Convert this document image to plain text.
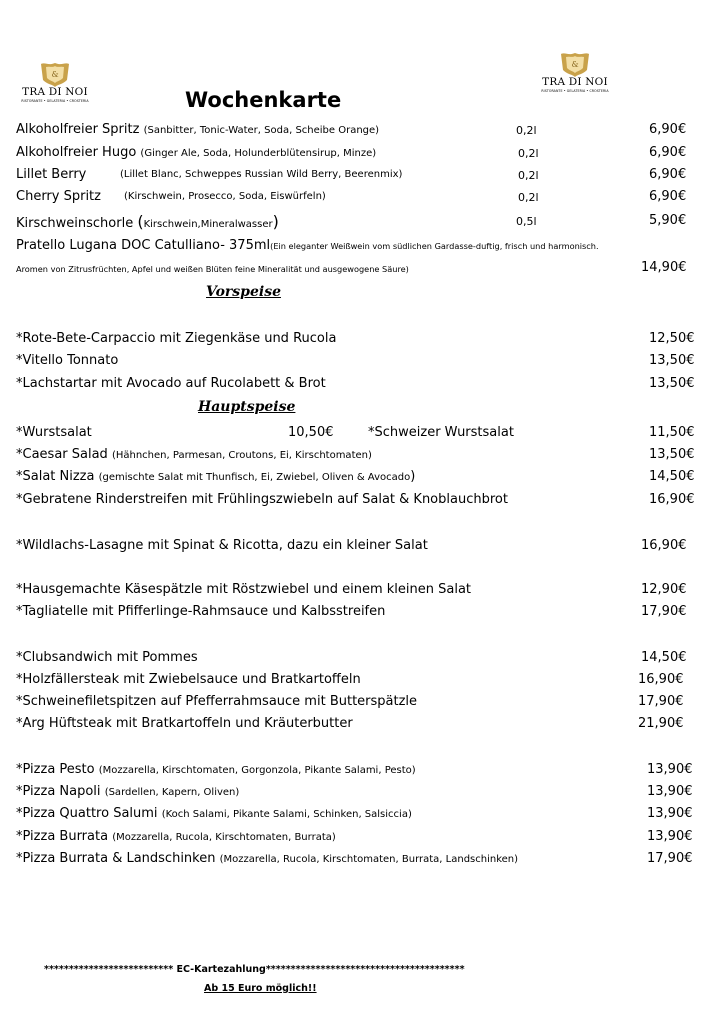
&
TRA DI NOI
RISTORANTE • GELATERIA • CROSTERIA
&
TRA DI NOI
RISTORANTE • GELATERIA • CROSTERIA
Wochenkarte
Alkoholfreier Spritz (Sanbitter, Tonic-Water, Soda, Scheibe Orange)	0,2l	6,90€
Alkoholfreier Hugo (Ginger Ale, Soda, Holunderblütensirup, Minze)	0,2l	6,90€
Lillet Berry	(Lillet Blanc, Schweppes Russian Wild Berry, Beerenmix)	0,2l	6,90€
Cherry Spritz (Kirschwein, Prosecco, Soda, Eiswürfeln)	0,2l	6,90€
Kirschweinschorle (Kirschwein,Mineralwasser)	0,5l	5,90€
Pratello Lugana DOC Catulliano- 375ml(Ein eleganter Weißwein vom südlichen Gardasse-duftig, frisch und harmonisch.
Aromen von Zitrusfrüchten, Apfel und weißen Blüten feine Mineralität und ausgewogene Säure)	14,90€
Vorspeise
*Rote-Bete-Carpaccio mit Ziegenkäse und Rucola	12,50€
*Vitello Tonnato	13,50€
*Lachstartar mit Avocado auf Rucolabett & Brot	13,50€
Hauptspeise
*Wurstsalat	10,50€	*Schweizer Wurstsalat	11,50€
*Caesar Salad (Hähnchen, Parmesan, Croutons, Ei, Kirschtomaten)	13,50€
*Salat Nizza (gemischte Salat mit Thunfisch, Ei, Zwiebel, Oliven & Avocado)	14,50€
*Gebratene Rinderstreifen mit Frühlingszwiebeln auf Salat & Knoblauchbrot	16,90€
*Wildlachs-Lasagne mit Spinat & Ricotta, dazu ein kleiner Salat	16,90€
*Hausgemachte Käsespätzle mit Röstzwiebel und einem kleinen Salat	12,90€
*Tagliatelle mit Pfifferlinge-Rahmsauce und Kalbsstreifen	17,90€
*Clubsandwich mit Pommes	14,50€
*Holzfällersteak mit Zwiebelsauce und Bratkartoffeln	16,90€
*Schweinefiletspitzen auf Pfefferrahmsauce mit Butterspätzle	17,90€
*Arg Hüftsteak mit Bratkartoffeln und Kräuterbutter	21,90€
*Pizza Pesto (Mozzarella, Kirschtomaten, Gorgonzola, Pikante Salami, Pesto)	13,90€
*Pizza Napoli (Sardellen, Kapern, Oliven)	13,90€
*Pizza Quattro Salumi (Koch Salami, Pikante Salami, Schinken, Salsiccia)	13,90€
*Pizza Burrata (Mozzarella, Rucola, Kirschtomaten, Burrata)	13,90€
*Pizza Burrata & Landschinken (Mozzarella, Rucola, Kirschtomaten, Burrata, Landschinken)	17,90€
************************** EC-Kartezahlung****************************************
Ab 15 Euro möglich!!
